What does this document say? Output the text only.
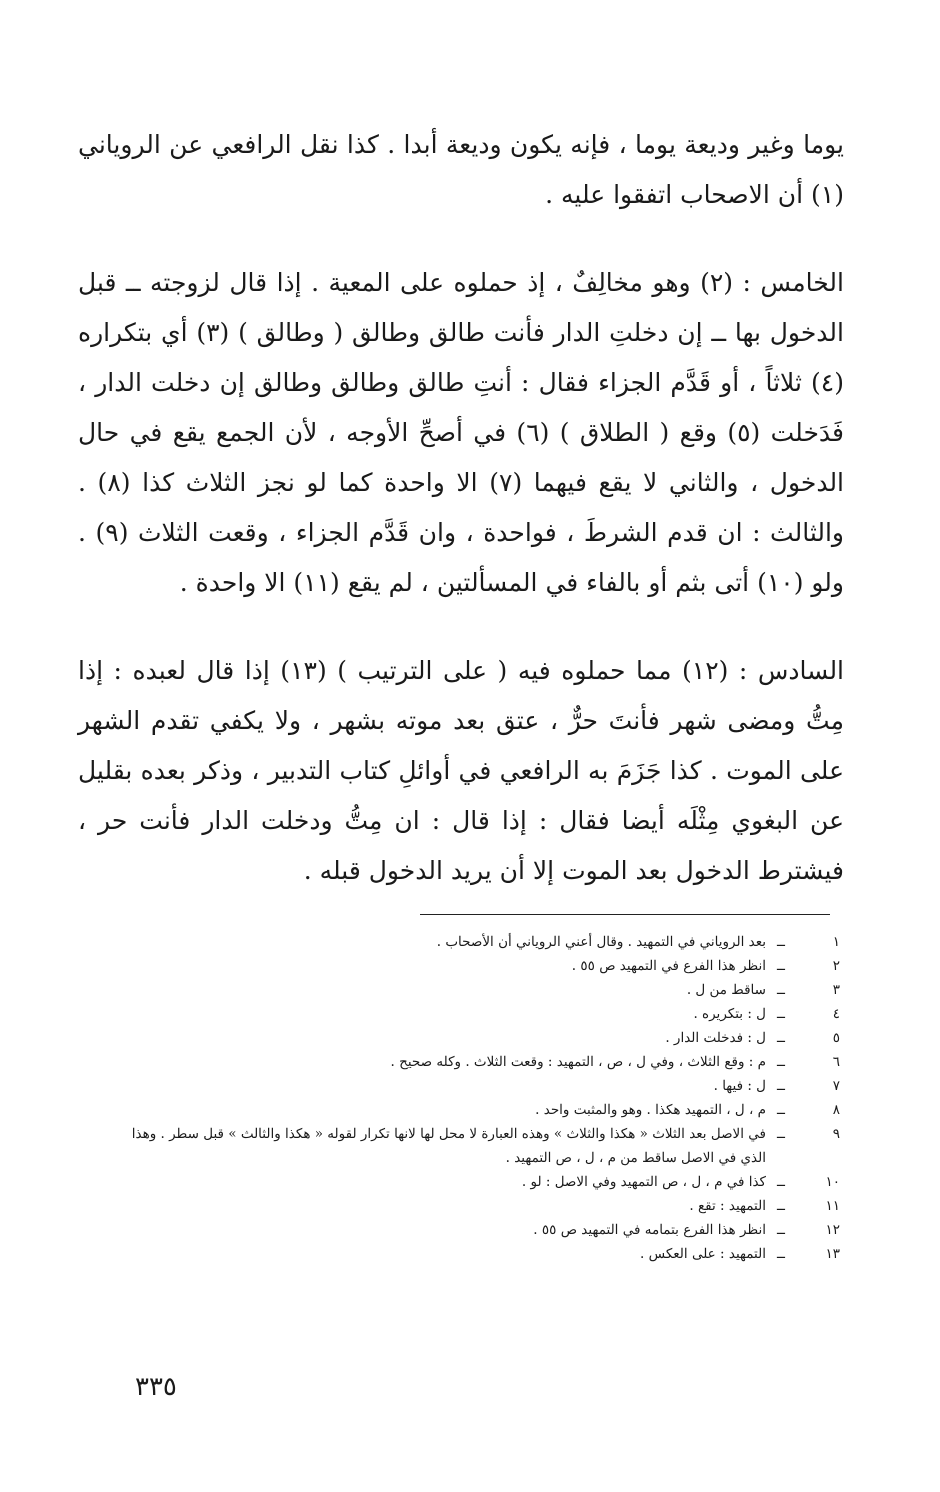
يوما وغير وديعة يوما ، فإنه يكون وديعة أبدا . كذا نقل الرافعي عن الروياني (١) أن الاصحاب اتفقوا عليه .

الخامس : (٢) وهو مخالِفٌ ، إذ حملوه على المعية . إذا قال لزوجته ــ قبل الدخول بها ــ إن دخلتِ الدار فأنت طالق وطالق ( وطالق ) (٣) أي بتكراره (٤) ثلاثاً ، أو قَدَّم الجزاء فقال : أنتِ طالق وطالق وطالق إن دخلت الدار ، فَدَخلت (٥) وقع ( الطلاق ) (٦) في أصحِّ الأوجه ، لأن الجمع يقع في حال الدخول ، والثاني لا يقع فيهما (٧) الا واحدة كما لو نجز الثلاث كذا (٨) . والثالث : ان قدم الشرطَ ، فواحدة ، وان قَدَّم الجزاء ، وقعت الثلاث (٩) . ولو (١٠) أتى بثم أو بالفاء في المسألتين ، لم يقع (١١) الا واحدة .

السادس : (١٢) مما حملوه فيه ( على الترتيب ) (١٣) إذا قال لعبده : إذا مِتُّ ومضى شهر فأنتَ حرٌّ ، عتق بعد موته بشهر ، ولا يكفي تقدم الشهر على الموت . كذا جَزَمَ به الرافعي في أوائلِ كتاب التدبير ، وذكر بعده بقليل عن البغوي مِثْلَه أيضا فقال : إذا قال : ان مِتُّ ودخلت الدار فأنت حر ، فيشترط الدخول بعد الموت إلا أن يريد الدخول قبله .

١
ــ
بعد الروياني في التمهيد . وقال أعني الروياني أن الأصحاب .
٢
ــ
انظر هذا الفرع في التمهيد ص ٥٥ .
٣
ــ
ساقط من ل .
٤
ــ
ل : بتكريره .
٥
ــ
ل : فدخلت الدار .
٦
ــ
م : وقع الثلاث ، وفي ل ، ص ، التمهيد : وقعت الثلاث . وكله صحيح .
٧
ــ
ل : فيها .
٨
ــ
م ، ل ، التمهيد هكذا . وهو والمثبت واحد .
٩
ــ
في الاصل بعد الثلاث « هكذا والثلاث » وهذه العبارة لا محل لها لانها تكرار لقوله « هكذا والثالث » قبل سطر . وهذا
الذي في الاصل ساقط من م ، ل ، ص التمهيد .
١٠
ــ
كذا في م ، ل ، ص التمهيد وفي الاصل : لو .
١١
ــ
التمهيد : تقع .
١٢
ــ
انظر هذا الفرع بتمامه في التمهيد ص ٥٥ .
١٣
ــ
التمهيد : على العكس .
٣٣٥
